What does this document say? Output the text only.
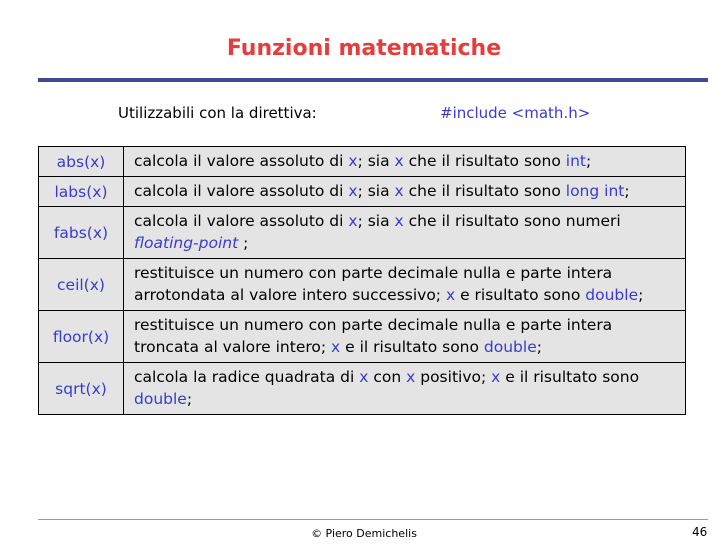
Funzioni matematiche
Utilizzabili con la direttiva:	#include <math.h>
abs(x)	calcola il valore assoluto di x; sia x che il risultato sono int;
labs(x)	calcola il valore assoluto di x; sia x che il risultato sono long int;
fabs(x)	calcola il valore assoluto di x; sia x che il risultato sono numeri floating-point ;
ceil(x)	restituisce un numero con parte decimale nulla e parte intera arrotondata al valore intero successivo; x e risultato sono double;
floor(x)	restituisce un numero con parte decimale nulla e parte intera troncata al valore intero; x e il risultato sono double;
sqrt(x)	calcola la radice quadrata di x con x positivo; x e il risultato sono double;
© Piero Demichelis	46
